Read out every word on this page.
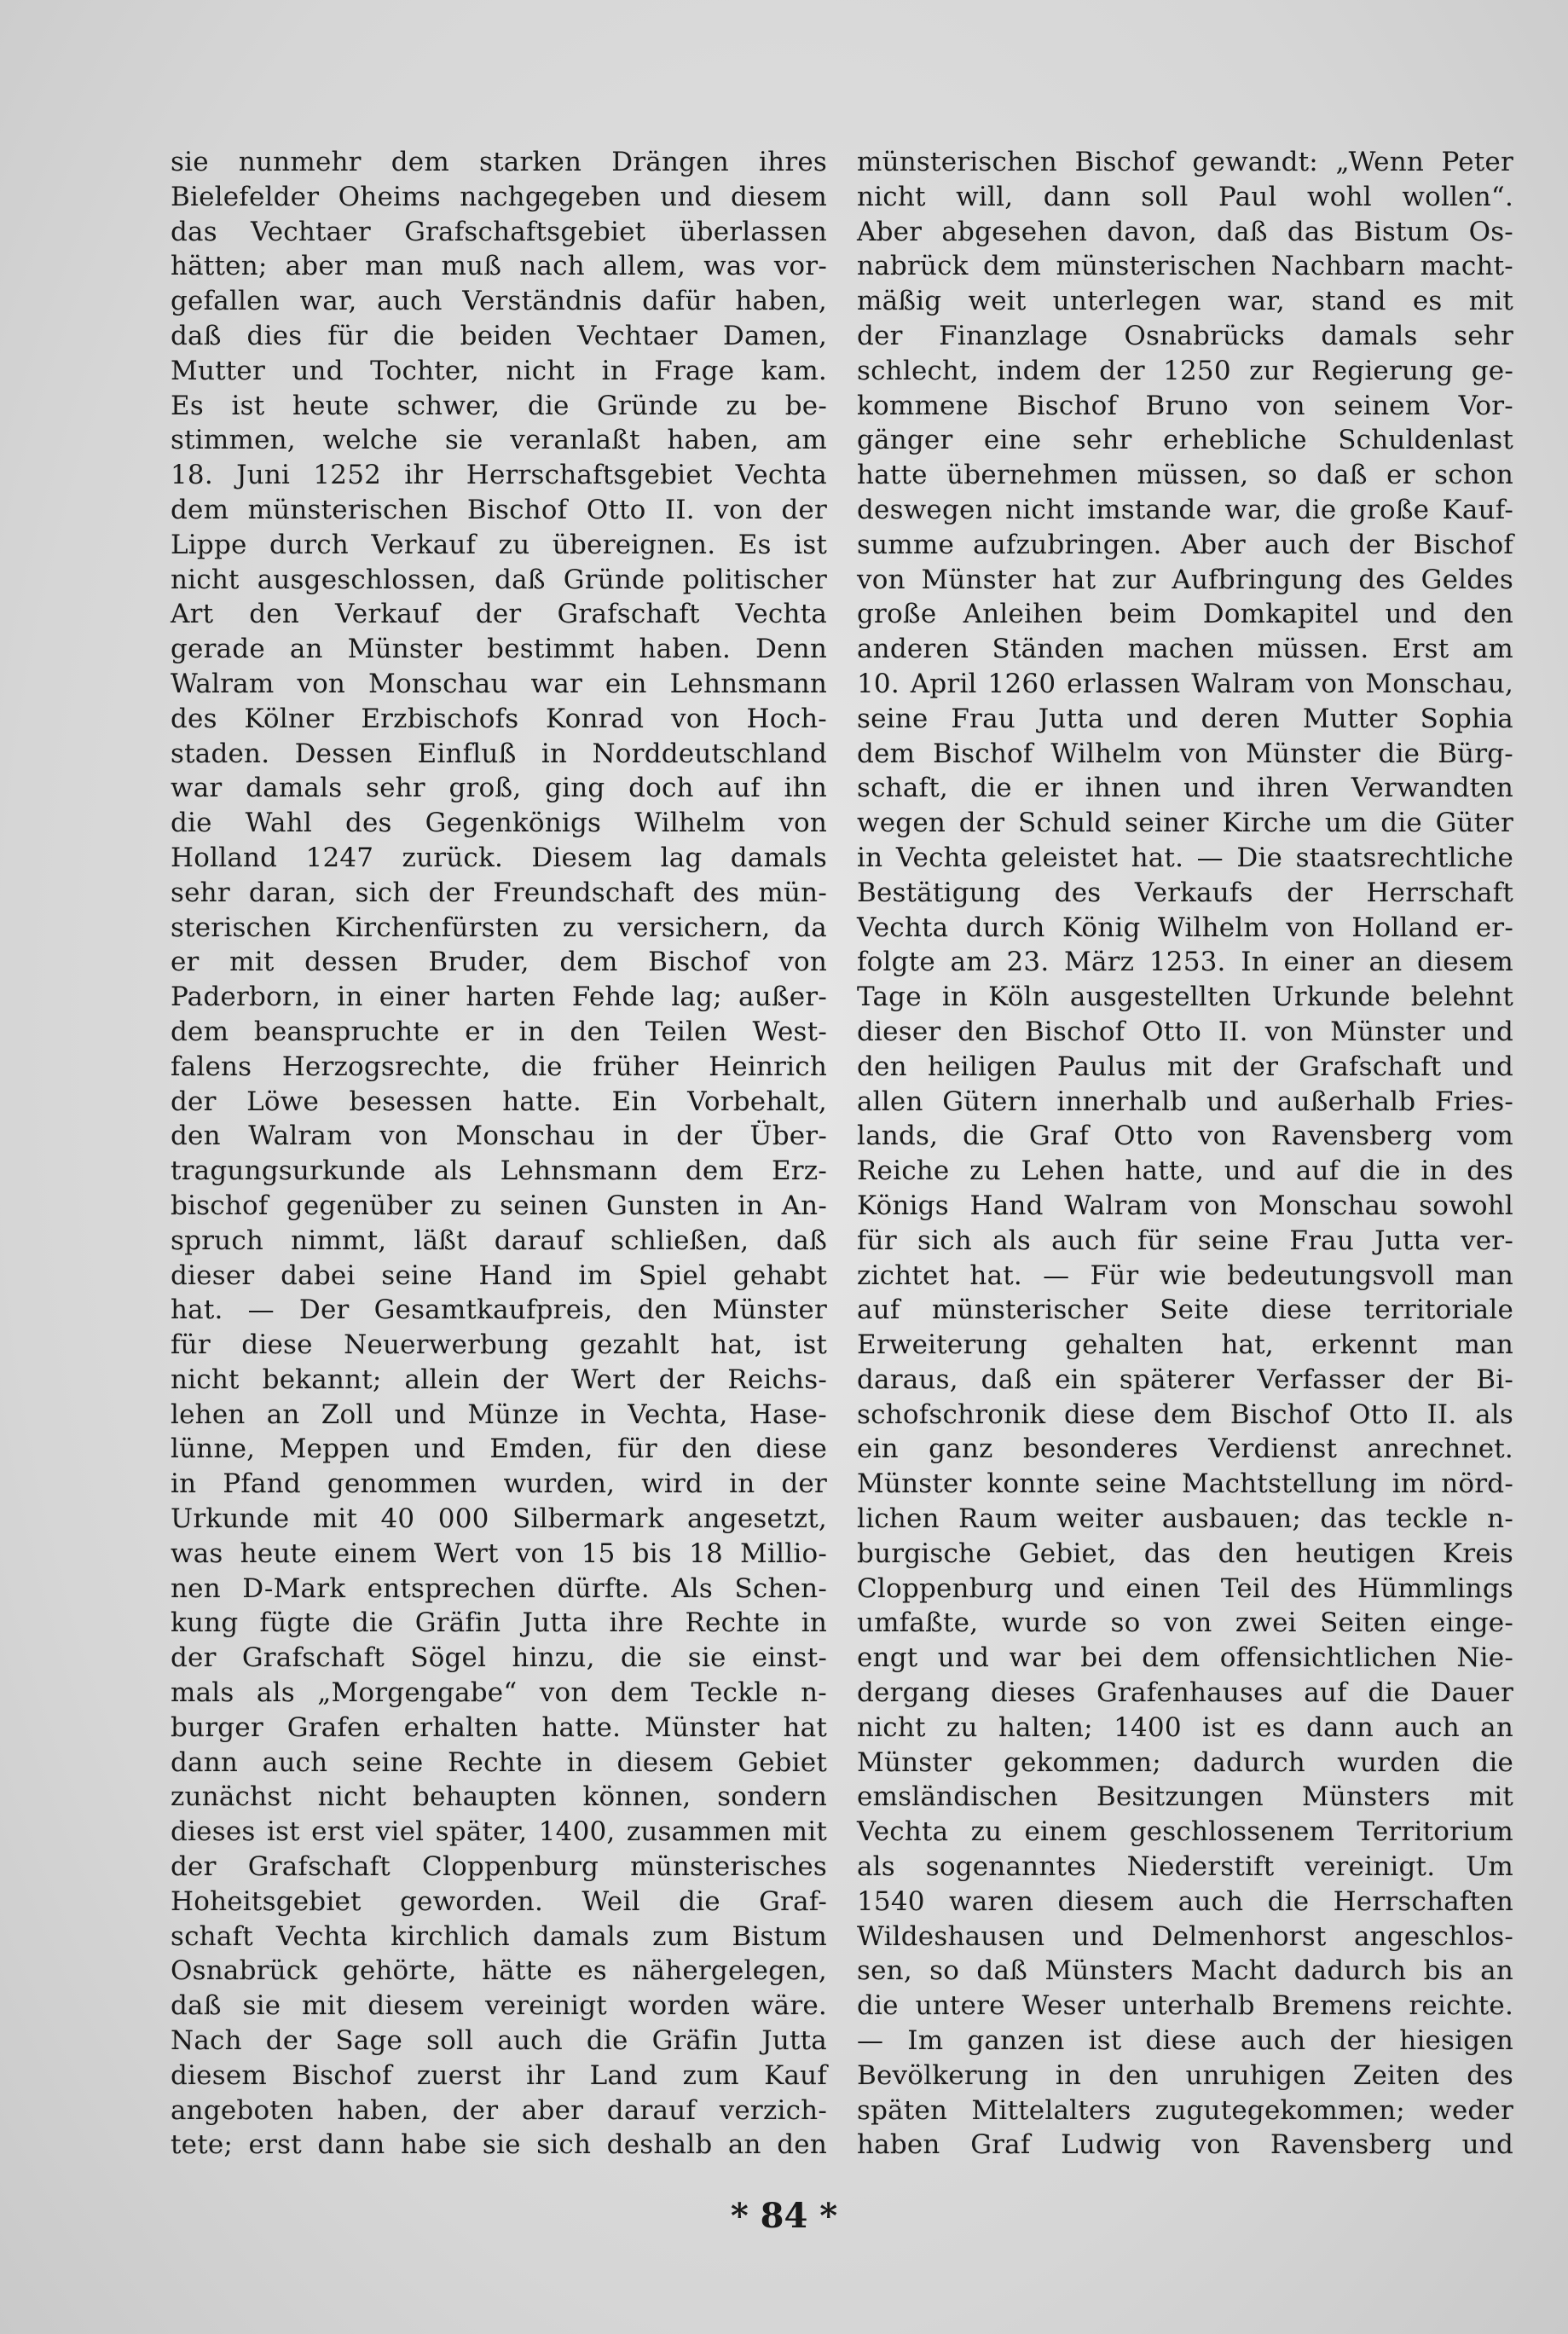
sie nunmehr dem starken Drängen ihres
Bielefelder Oheims nachgegeben und diesem
das Vechtaer Grafschaftsgebiet überlassen
hätten; aber man muß nach allem, was vor-
gefallen war, auch Verständnis dafür haben,
daß dies für die beiden Vechtaer Damen,
Mutter und Tochter, nicht in Frage kam.
Es ist heute schwer, die Gründe zu be-
stimmen, welche sie veranlaßt haben, am
18. Juni 1252 ihr Herrschaftsgebiet Vechta
dem münsterischen Bischof Otto II. von der
Lippe durch Verkauf zu übereignen. Es ist
nicht ausgeschlossen, daß Gründe politischer
Art den Verkauf der Grafschaft Vechta
gerade an Münster bestimmt haben. Denn
Walram von Monschau war ein Lehnsmann
des Kölner Erzbischofs Konrad von Hoch-
staden. Dessen Einfluß in Norddeutschland
war damals sehr groß, ging doch auf ihn
die Wahl des Gegenkönigs Wilhelm von
Holland 1247 zurück. Diesem lag damals
sehr daran, sich der Freundschaft des mün-
sterischen Kirchenfürsten zu versichern, da
er mit dessen Bruder, dem Bischof von
Paderborn, in einer harten Fehde lag; außer-
dem beanspruchte er in den Teilen West-
falens Herzogsrechte, die früher Heinrich
der Löwe besessen hatte. Ein Vorbehalt,
den Walram von Monschau in der Über-
tragungsurkunde als Lehnsmann dem Erz-
bischof gegenüber zu seinen Gunsten in An-
spruch nimmt, läßt darauf schließen, daß
dieser dabei seine Hand im Spiel gehabt
hat. — Der Gesamtkaufpreis, den Münster
für diese Neuerwerbung gezahlt hat, ist
nicht bekannt; allein der Wert der Reichs-
lehen an Zoll und Münze in Vechta, Hase-
lünne, Meppen und Emden, für den diese
in Pfand genommen wurden, wird in der
Urkunde mit 40 000 Silbermark angesetzt,
was heute einem Wert von 15 bis 18 Millio-
nen D-Mark entsprechen dürfte. Als Schen-
kung fügte die Gräfin Jutta ihre Rechte in
der Grafschaft Sögel hinzu, die sie einst-
mals als „Morgengabe“ von dem Teckle n-
burger Grafen erhalten hatte. Münster hat
dann auch seine Rechte in diesem Gebiet
zunächst nicht behaupten können, sondern
dieses ist erst viel später, 1400, zusammen mit
der Grafschaft Cloppenburg münsterisches
Hoheitsgebiet geworden. Weil die Graf-
schaft Vechta kirchlich damals zum Bistum
Osnabrück gehörte, hätte es nähergelegen,
daß sie mit diesem vereinigt worden wäre.
Nach der Sage soll auch die Gräfin Jutta
diesem Bischof zuerst ihr Land zum Kauf
angeboten haben, der aber darauf verzich-
tete; erst dann habe sie sich deshalb an den
münsterischen Bischof gewandt: „Wenn Peter
nicht will, dann soll Paul wohl wollen“.
Aber abgesehen davon, daß das Bistum Os-
nabrück dem münsterischen Nachbarn macht-
mäßig weit unterlegen war, stand es mit
der Finanzlage Osnabrücks damals sehr
schlecht, indem der 1250 zur Regierung ge-
kommene Bischof Bruno von seinem Vor-
gänger eine sehr erhebliche Schuldenlast
hatte übernehmen müssen, so daß er schon
deswegen nicht imstande war, die große Kauf-
summe aufzubringen. Aber auch der Bischof
von Münster hat zur Aufbringung des Geldes
große Anleihen beim Domkapitel und den
anderen Ständen machen müssen. Erst am
10. April 1260 erlassen Walram von Monschau,
seine Frau Jutta und deren Mutter Sophia
dem Bischof Wilhelm von Münster die Bürg-
schaft, die er ihnen und ihren Verwandten
wegen der Schuld seiner Kirche um die Güter
in Vechta geleistet hat. — Die staatsrechtliche
Bestätigung des Verkaufs der Herrschaft
Vechta durch König Wilhelm von Holland er-
folgte am 23. März 1253. In einer an diesem
Tage in Köln ausgestellten Urkunde belehnt
dieser den Bischof Otto II. von Münster und
den heiligen Paulus mit der Grafschaft und
allen Gütern innerhalb und außerhalb Fries-
lands, die Graf Otto von Ravensberg vom
Reiche zu Lehen hatte, und auf die in des
Königs Hand Walram von Monschau sowohl
für sich als auch für seine Frau Jutta ver-
zichtet hat. — Für wie bedeutungsvoll man
auf münsterischer Seite diese territoriale
Erweiterung gehalten hat, erkennt man
daraus, daß ein späterer Verfasser der Bi-
schofschronik diese dem Bischof Otto II. als
ein ganz besonderes Verdienst anrechnet.
Münster konnte seine Machtstellung im nörd-
lichen Raum weiter ausbauen; das teckle n-
burgische Gebiet, das den heutigen Kreis
Cloppenburg und einen Teil des Hümmlings
umfaßte, wurde so von zwei Seiten einge-
engt und war bei dem offensichtlichen Nie-
dergang dieses Grafenhauses auf die Dauer
nicht zu halten; 1400 ist es dann auch an
Münster gekommen; dadurch wurden die
emsländischen Besitzungen Münsters mit
Vechta zu einem geschlossenem Territorium
als sogenanntes Niederstift vereinigt. Um
1540 waren diesem auch die Herrschaften
Wildeshausen und Delmenhorst angeschlos-
sen, so daß Münsters Macht dadurch bis an
die untere Weser unterhalb Bremens reichte.
— Im ganzen ist diese auch der hiesigen
Bevölkerung in den unruhigen Zeiten des
späten Mittelalters zugutegekommen; weder
haben Graf Ludwig von Ravensberg und
* 84 *
